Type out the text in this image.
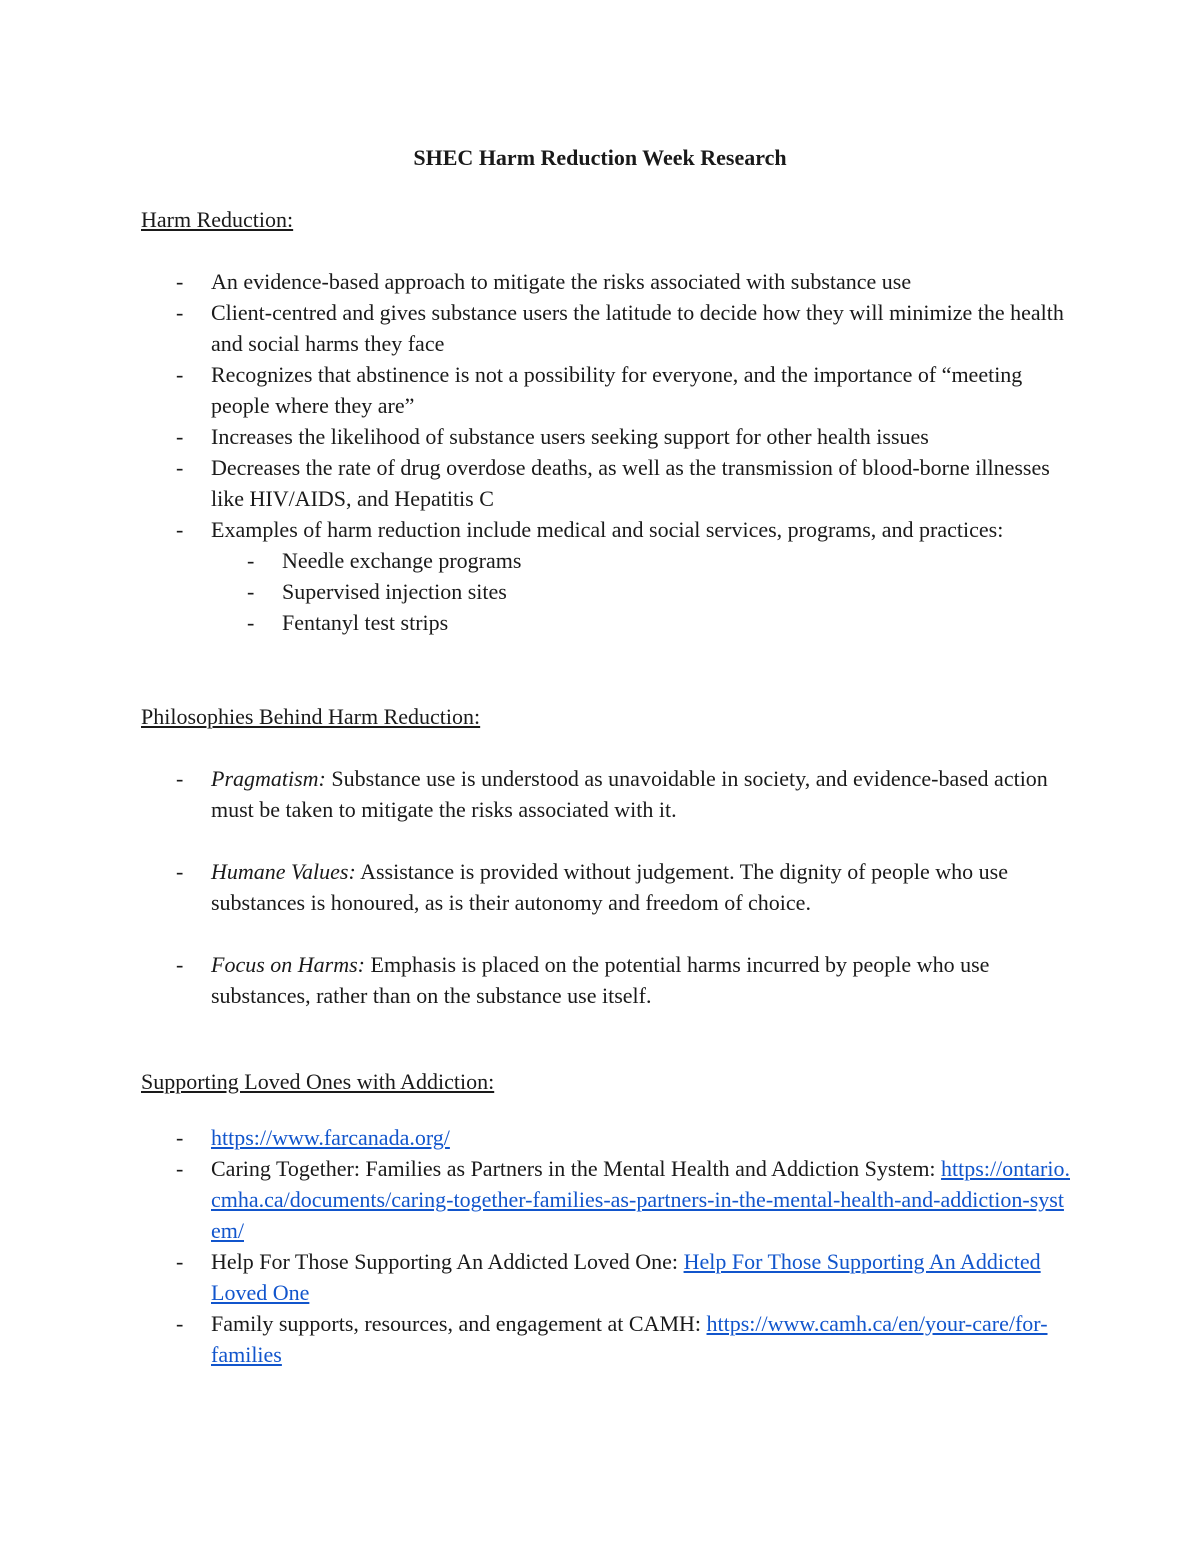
SHEC Harm Reduction Week Research
Harm Reduction:
- An evidence-based approach to mitigate the risks associated with substance use
- Client-centred and gives substance users the latitude to decide how they will minimize the health and social harms they face
- Recognizes that abstinence is not a possibility for everyone, and the importance of “meeting people where they are”
- Increases the likelihood of substance users seeking support for other health issues
- Decreases the rate of drug overdose deaths, as well as the transmission of blood-borne illnesses like HIV/AIDS, and Hepatitis C
- Examples of harm reduction include medical and social services, programs, and practices:
- Needle exchange programs
- Supervised injection sites
- Fentanyl test strips
Philosophies Behind Harm Reduction:
- Pragmatism: Substance use is understood as unavoidable in society, and evidence-based action must be taken to mitigate the risks associated with it.
- Humane Values: Assistance is provided without judgement. The dignity of people who use substances is honoured, as is their autonomy and freedom of choice.
- Focus on Harms: Emphasis is placed on the potential harms incurred by people who use substances, rather than on the substance use itself.
Supporting Loved Ones with Addiction:
- https://www.farcanada.org/
- Caring Together: Families as Partners in the Mental Health and Addiction System: https://ontario.cmha.ca/documents/caring-together-families-as-partners-in-the-mental-health-and-addiction-system/
- Help For Those Supporting An Addicted Loved One: Help For Those Supporting An Addicted Loved One
- Family supports, resources, and engagement at CAMH: https://www.camh.ca/en/your-care/for-families
